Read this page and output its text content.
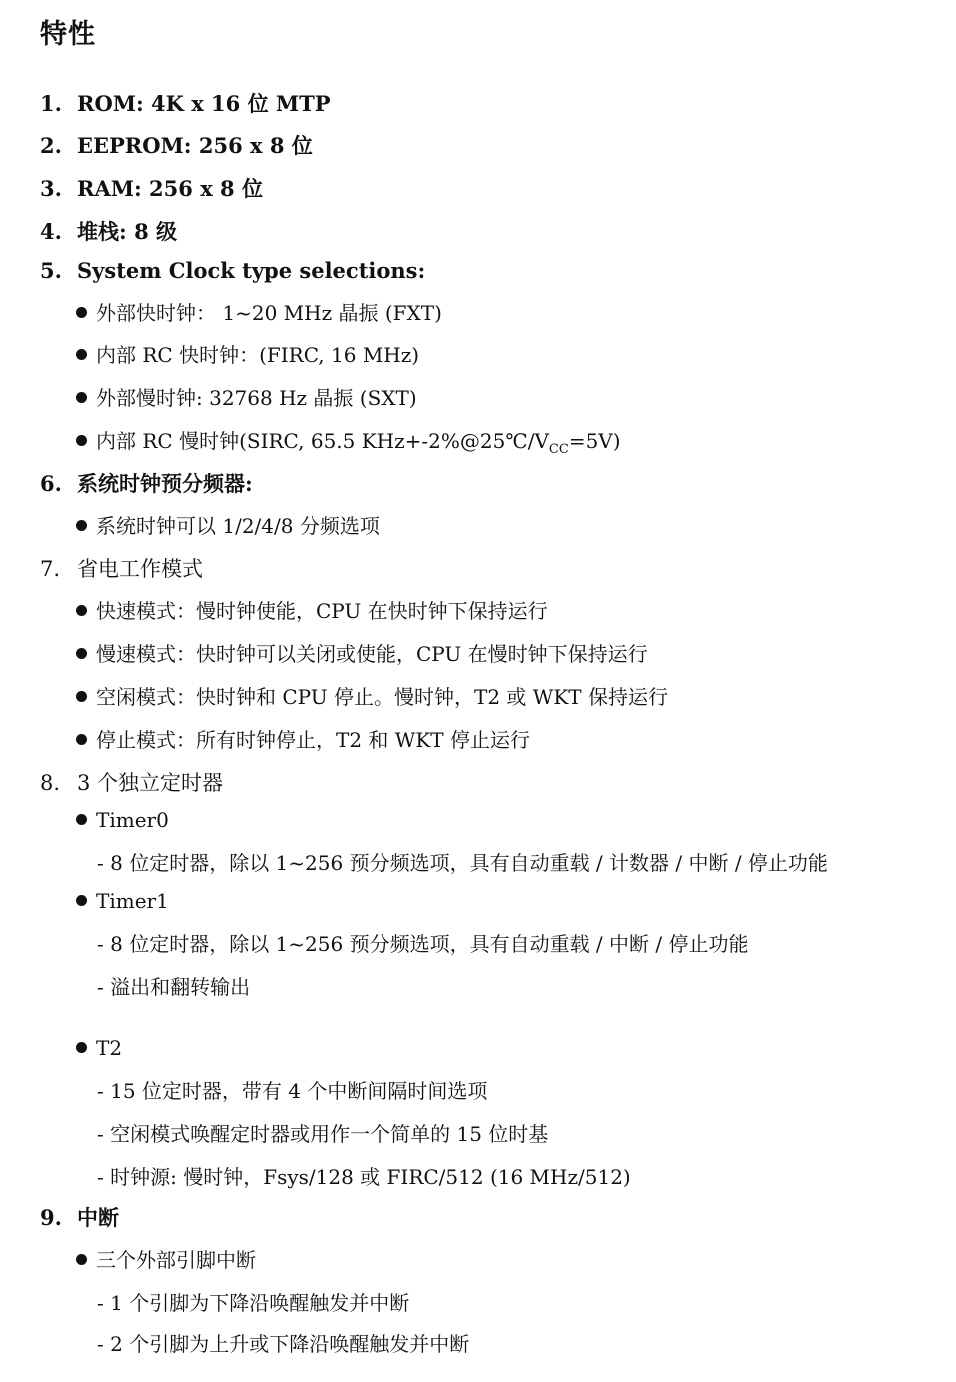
特性
1. ROM: 4K x 16 位 MTP
2. EEPROM: 256 x 8 位
3. RAM: 256 x 8 位
4. 堆栈: 8 级
5. System Clock type selections:
外部快时钟： 1~20 MHz 晶振 (FXT)
内部 RC 快时钟：(FIRC, 16 MHz)
外部慢时钟: 32768 Hz 晶振 (SXT)
内部 RC 慢时钟(SIRC, 65.5 $KHz+-2\%@25℃/V_{CC}=5V$)
6. 系统时钟预分频器:
系统时钟可以 1/2/4/8 分频选项
7. 省电工作模式
快速模式：慢时钟使能，CPU 在快时钟下保持运行
慢速模式：快时钟可以关闭或使能，CPU 在慢时钟下保持运行
空闲模式：快时钟和 CPU 停止。慢时钟，T2 或 WKT 保持运行
停止模式：所有时钟停止，T2 和 WKT 停止运行
8. 3 个独立定时器
Timer0
- 8 位定时器，除以 1~256 预分频选项，具有自动重载 / 计数器 / 中断 / 停止功能
Timer1
- 8 位定时器，除以 1~256 预分频选项，具有自动重载 / 中断 / 停止功能
- 溢出和翻转输出
T2
- 15 位定时器，带有 4 个中断间隔时间选项
- 空闲模式唤醒定时器或用作一个简单的 15 位时基
- 时钟源: 慢时钟，Fsys/128 或 FIRC/512 (16 MHz/512)
9. 中断
三个外部引脚中断
- 1 个引脚为下降沿唤醒触发并中断
- 2 个引脚为上升或下降沿唤醒触发并中断
